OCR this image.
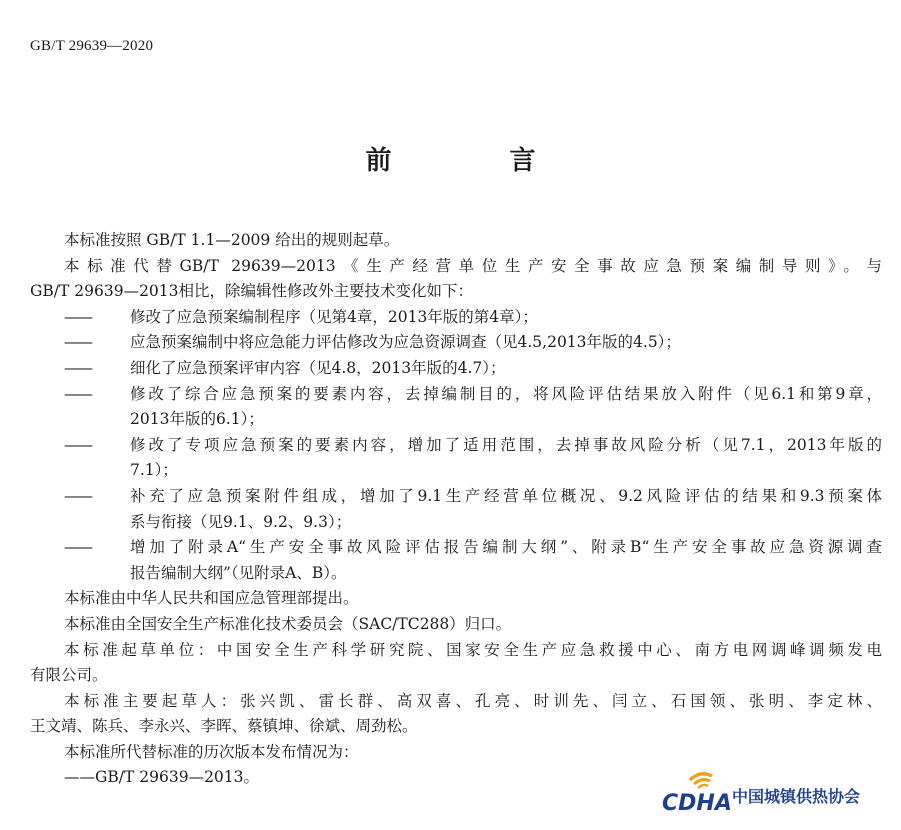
GB/T 29639—2020
前　言

本标准按照 GB/T 1.1—2009 给出的规则起草。

本标准代替GB/T 29639—2013《生产经营单位生产安全事故应急预案编制导则》。与
GB/T 29639—2013相比，除编辑性修改外主要技术变化如下：

——	修改了应急预案编制程序（见第4章，2013年版的第4章）；
——	应急预案编制中将应急能力评估修改为应急资源调查（见4.5,2013年版的4.5）；
——	细化了应急预案评审内容（见4.8，2013年版的4.7）；
——	修改了综合应急预案的要素内容，去掉编制目的，将风险评估结果放入附件（见6.1和第9章，
2013年版的6.1）；
——	修改了专项应急预案的要素内容，增加了适用范围，去掉事故风险分析（见7.1，2013年版的
7.1）；
——	补充了应急预案附件组成，增加了9.1生产经营单位概况、9.2风险评估的结果和9.3预案体
系与衔接（见9.1、9.2、9.3）；
——	增加了附录A“生产安全事故风险评估报告编制大纲”、附录B“生产安全事故应急资源调查
报告编制大纲”（见附录A、B）。

本标准由中华人民共和国应急管理部提出。

本标准由全国安全生产标准化技术委员会（SAC/TC288）归口。

本标准起草单位：中国安全生产科学研究院、国家安全生产应急救援中心、南方电网调峰调频发电
有限公司。

本标准主要起草人：张兴凯、雷长群、高双喜、孔亮、时训先、闫立、石国领、张明、李定林、
王文靖、陈兵、李永兴、李晖、蔡镇坤、徐斌、周劲松。

本标准所代替标准的历次版本发布情况为：

——GB/T 29639—2013。

CDHA 中国城镇供热协会
